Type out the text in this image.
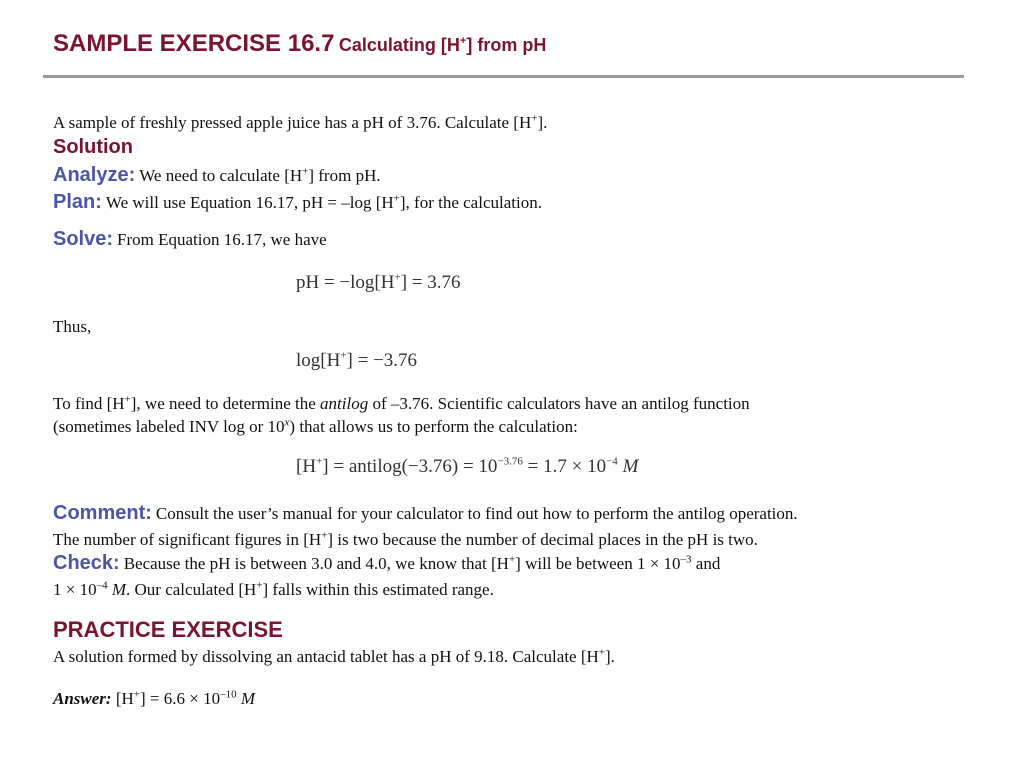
SAMPLE EXERCISE 16.7 Calculating [H+] from pH
A sample of freshly pressed apple juice has a pH of 3.76. Calculate [H+].
Solution
Analyze: We need to calculate [H+] from pH.
Plan: We will use Equation 16.17, pH = –log [H+], for the calculation.
Solve: From Equation 16.17, we have
pH = −log[H+] = 3.76
Thus,
log[H+] = −3.76
To find [H+], we need to determine the antilog of –3.76. Scientific calculators have an antilog function
(sometimes labeled INV log or 10$^x$) that allows us to perform the calculation:
[H+] = antilog(−3.76) = $10^{-3.76} = 1.7 \times 10^{-4}$ M
Comment: Consult the user’s manual for your calculator to find out how to perform the antilog operation.
The number of significant figures in [H+] is two because the number of decimal places in the pH is two.
Check: Because the pH is between 3.0 and 4.0, we know that [H+] will be between $1 \times 10^{-3}$ and
$1 \times 10^{-4}$ M. Our calculated [H+] falls within this estimated range.
PRACTICE EXERCISE
A solution formed by dissolving an antacid tablet has a pH of 9.18. Calculate [H+].
Answer: $[H^+] = 6.6 \times 10^{-10}$ M
